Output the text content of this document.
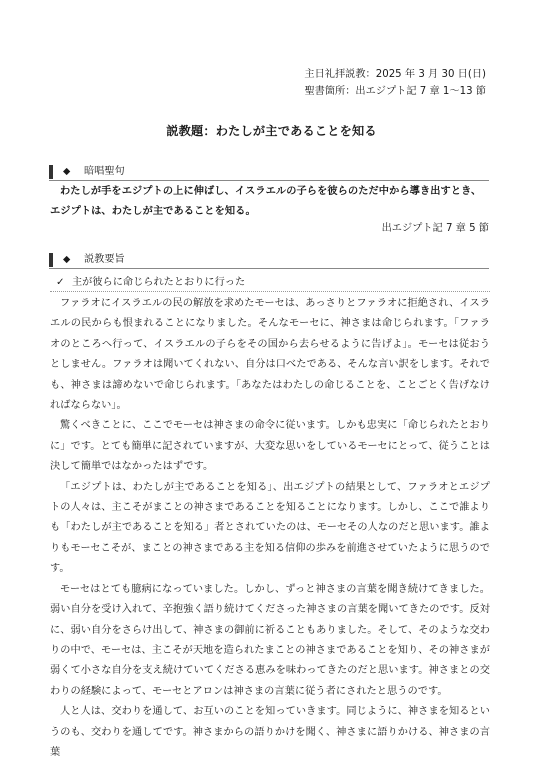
主日礼拝説教：2025 年 3 月 30 日(日)
聖書箇所：出エジプト記 7 章 1～13 節
説教題：わたしが主であることを知る
◆ 暗唱聖句
わたしが手をエジプトの上に伸ばし、イスラエルの子らを彼らのただ中から導き出すとき、エジプトは、わたしが主であることを知る。
出エジプト記 7 章 5 節
◆ 説教要旨
✓ 主が彼らに命じられたとおりに行った

ファラオにイスラエルの民の解放を求めたモーセは、あっさりとファラオに拒絶され、イスラエルの民からも恨まれることになりました。そんなモーセに、神さまは命じられます。「ファラオのところへ行って、イスラエルの子らをその国から去らせるように告げよ」。モーセは従おうとしません。ファラオは聞いてくれない、自分は口べたである、そんな言い訳をします。それでも、神さまは諦めないで命じられます。「あなたはわたしの命じることを、ことごとく告げなければならない」。

驚くべきことに、ここでモーセは神さまの命令に従います。しかも忠実に「命じられたとおりに」です。とても簡単に記されていますが、大変な思いをしているモーセにとって、従うことは決して簡単ではなかったはずです。

「エジプトは、わたしが主であることを知る」、出エジプトの結果として、ファラオとエジプトの人々は、主こそがまことの神さまであることを知ることになります。しかし、ここで誰よりも「わたしが主であることを知る」者とされていたのは、モーセその人なのだと思います。誰よりもモーセこそが、まことの神さまである主を知る信仰の歩みを前進させていたように思うのです。

モーセはとても臆病になっていました。しかし、ずっと神さまの言葉を聞き続けてきました。弱い自分を受け入れて、辛抱強く語り続けてくださった神さまの言葉を聞いてきたのです。反対に、弱い自分をさらけ出して、神さまの御前に祈ることもありました。そして、そのような交わりの中で、モーセは、主こそが天地を造られたまことの神さまであることを知り、その神さまが弱くて小さな自分を支え続けていてくださる恵みを味わってきたのだと思います。神さまとの交わりの経験によって、モーセとアロンは神さまの言葉に従う者にされたと思うのです。

人と人は、交わりを通して、お互いのことを知っていきます。同じように、神さまを知るというのも、交わりを通してです。神さまからの語りかけを聞く、神さまに語りかける、神さまの言葉
